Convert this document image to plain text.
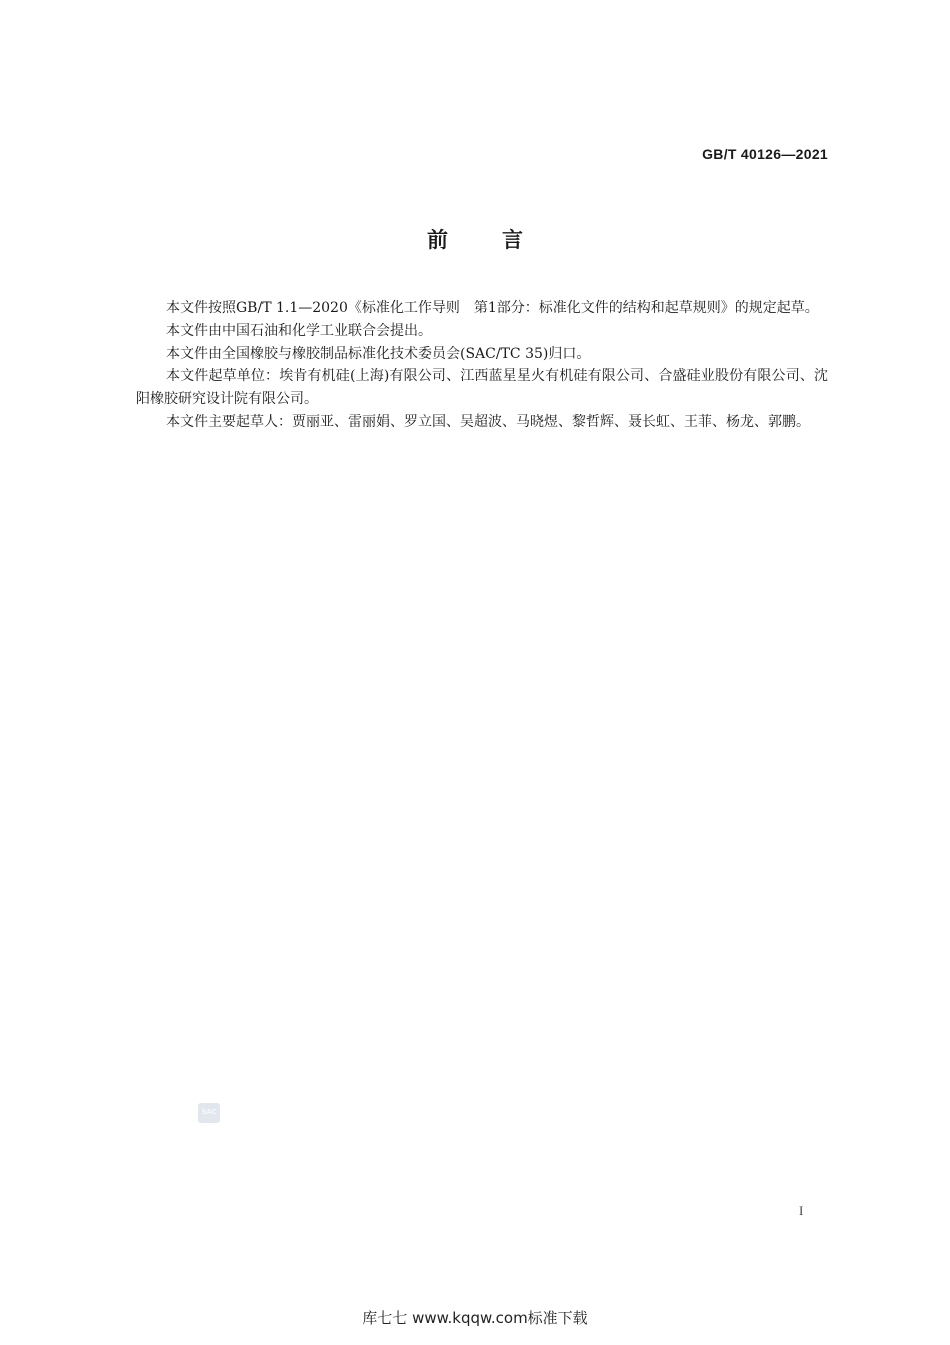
GB/T 40126—2021
前言

本文件按照GB/T 1.1—2020《标准化工作导则　第1部分：标准化文件的结构和起草规则》的规定起草。

本文件由中国石油和化学工业联合会提出。

本文件由全国橡胶与橡胶制品标准化技术委员会(SAC/TC 35)归口。

本文件起草单位：埃肯有机硅(上海)有限公司、江西蓝星星火有机硅有限公司、合盛硅业股份有限公司、沈阳橡胶研究设计院有限公司。

本文件主要起草人：贾丽亚、雷丽娟、罗立国、吴超波、马晓煜、黎哲辉、聂长虹、王菲、杨龙、郭鹏。

SAC
I
库七七 www.kqqw.com标准下载
